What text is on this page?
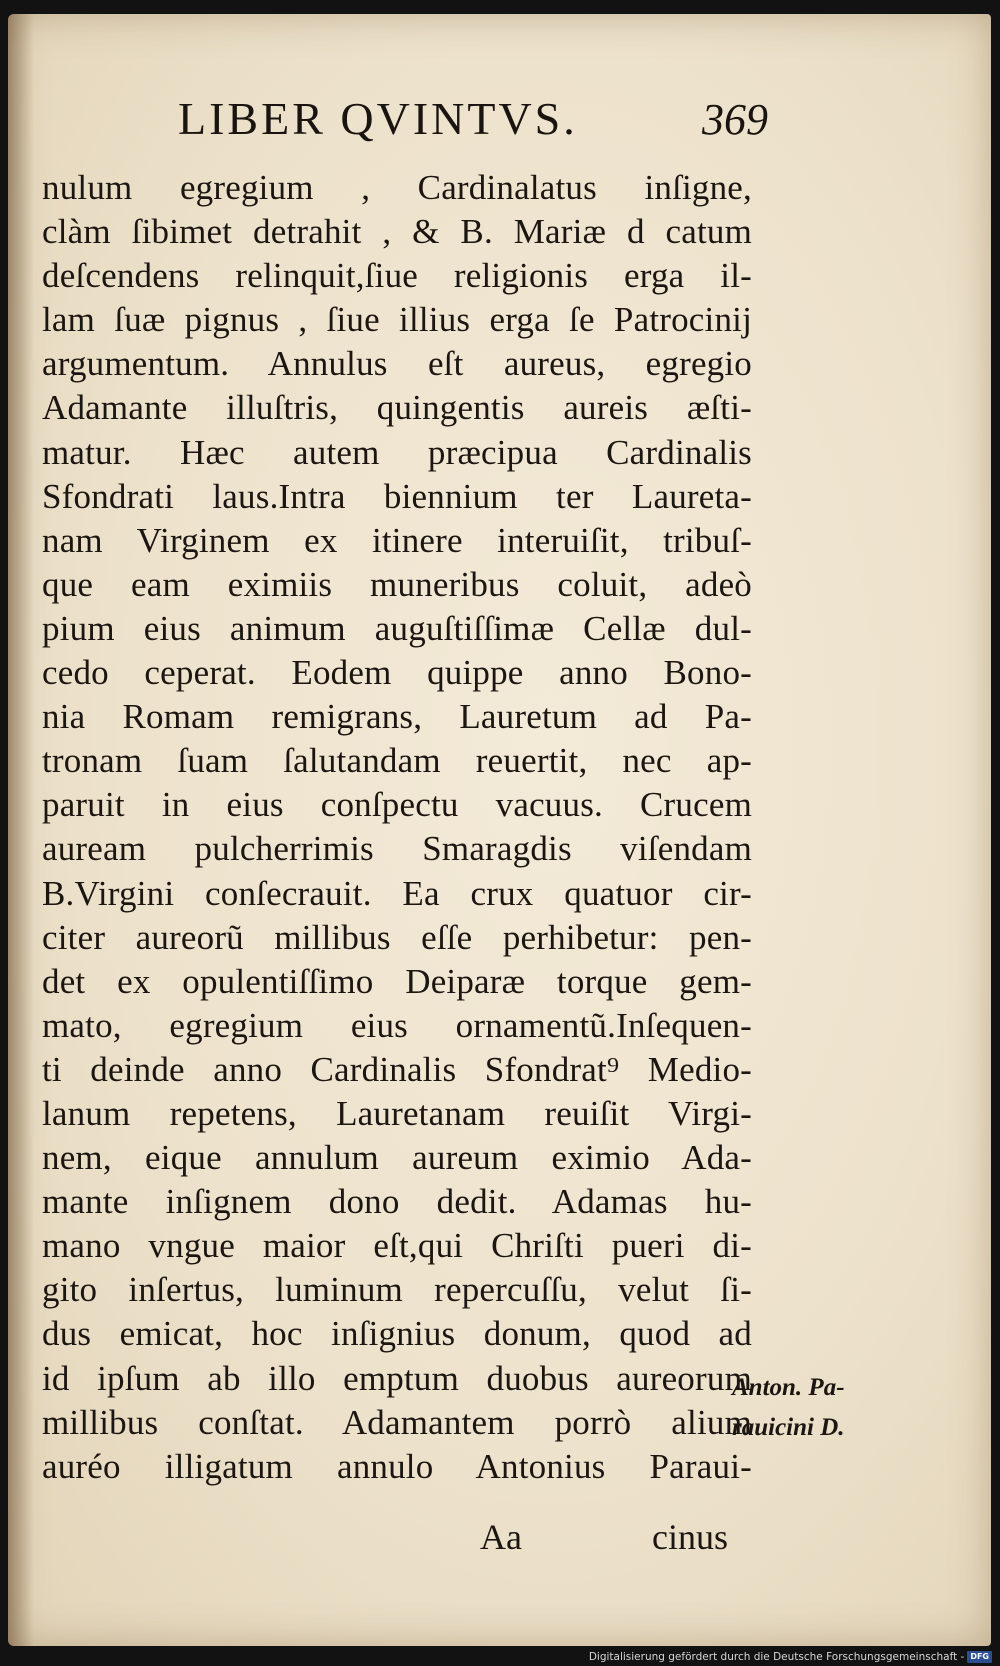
LIBER QVINTVS.	369
nulum egregium , Cardinalatus inſigne,
clàm ſibimet detrahit , & B. Mariæ d catum
deſcendens relinquit,ſiue religionis erga il-
lam ſuæ pignus , ſiue illius erga ſe Patrocinij
argumentum. Annulus eſt aureus, egregio
Adamante illuſtris, quingentis aureis æſti-
matur. Hæc autem præcipua Cardinalis
Sfondrati laus.Intra biennium ter Laureta-
nam Virginem ex itinere interuiſit, tribuſ-
que eam eximiis muneribus coluit, adeò
pium eius animum auguſtiſſimæ Cellæ dul-
cedo ceperat. Eodem quippe anno Bono-
nia Romam remigrans, Lauretum ad Pa-
tronam ſuam ſalutandam reuertit, nec ap-
paruit in eius conſpectu vacuus. Crucem
auream pulcherrimis Smaragdis viſendam
B.Virgini conſecrauit. Ea crux quatuor cir-
citer aureorũ millibus eſſe perhibetur: pen-
det ex opulentiſſimo Deiparæ torque gem-
mato, egregium eius ornamentũ.Inſequen-
ti deinde anno Cardinalis Sfondrat⁹ Medio-
lanum repetens, Lauretanam reuiſit Virgi-
nem, eique annulum aureum eximio Ada-
mante inſignem dono dedit. Adamas hu-
mano vngue maior eſt,qui Chriſti pueri di-
gito inſertus, luminum repercuſſu, velut ſi-
dus emicat, hoc inſignius donum, quod ad
id ipſum ab illo emptum duobus aureorum
millibus conſtat. Adamantem porrò alium
auréo illigatum annulo Antonius Paraui-
Anton. Pa-
rauicini D.
Aa	cinus
Digitalisierung gefördert durch die Deutsche Forschungsgemeinschaft - DFG
